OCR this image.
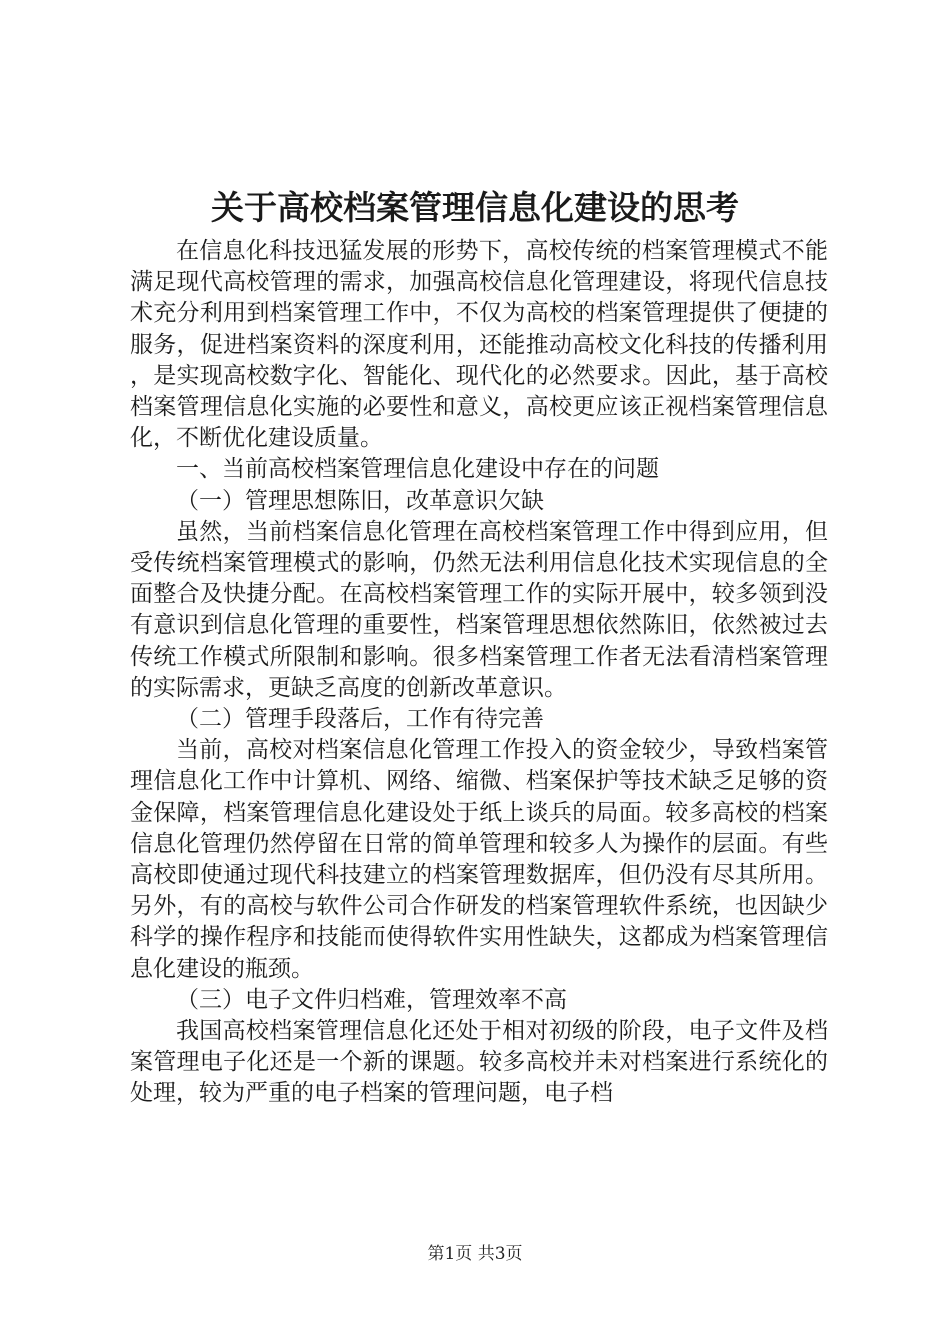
关于高校档案管理信息化建设的思考

在信息化科技迅猛发展的形势下，高校传统的档案管理模式不能满足现代高校管理的需求，加强高校信息化管理建设，将现代信息技术充分利用到档案管理工作中，不仅为高校的档案管理提供了便捷的服务，促进档案资料的深度利用，还能推动高校文化科技的传播利用，是实现高校数字化、智能化、现代化的必然要求。因此，基于高校档案管理信息化实施的必要性和意义，高校更应该正视档案管理信息化，不断优化建设质量。

一、当前高校档案管理信息化建设中存在的问题

（一）管理思想陈旧，改革意识欠缺

虽然，当前档案信息化管理在高校档案管理工作中得到应用，但受传统档案管理模式的影响，仍然无法利用信息化技术实现信息的全面整合及快捷分配。在高校档案管理工作的实际开展中，较多领到没有意识到信息化管理的重要性，档案管理思想依然陈旧，依然被过去传统工作模式所限制和影响。很多档案管理工作者无法看清档案管理的实际需求，更缺乏高度的创新改革意识。

（二）管理手段落后，工作有待完善

当前，高校对档案信息化管理工作投入的资金较少，导致档案管理信息化工作中计算机、网络、缩微、档案保护等技术缺乏足够的资金保障，档案管理信息化建设处于纸上谈兵的局面。较多高校的档案信息化管理仍然停留在日常的简单管理和较多人为操作的层面。有些高校即使通过现代科技建立的档案管理数据库，但仍没有尽其所用。另外，有的高校与软件公司合作研发的档案管理软件系统，也因缺少科学的操作程序和技能而使得软件实用性缺失，这都成为档案管理信息化建设的瓶颈。

（三）电子文件归档难，管理效率不高

我国高校档案管理信息化还处于相对初级的阶段，电子文件及档案管理电子化还是一个新的课题。较多高校并未对档案进行系统化的处理，较为严重的电子档案的管理问题，电子档

第1页 共3页
